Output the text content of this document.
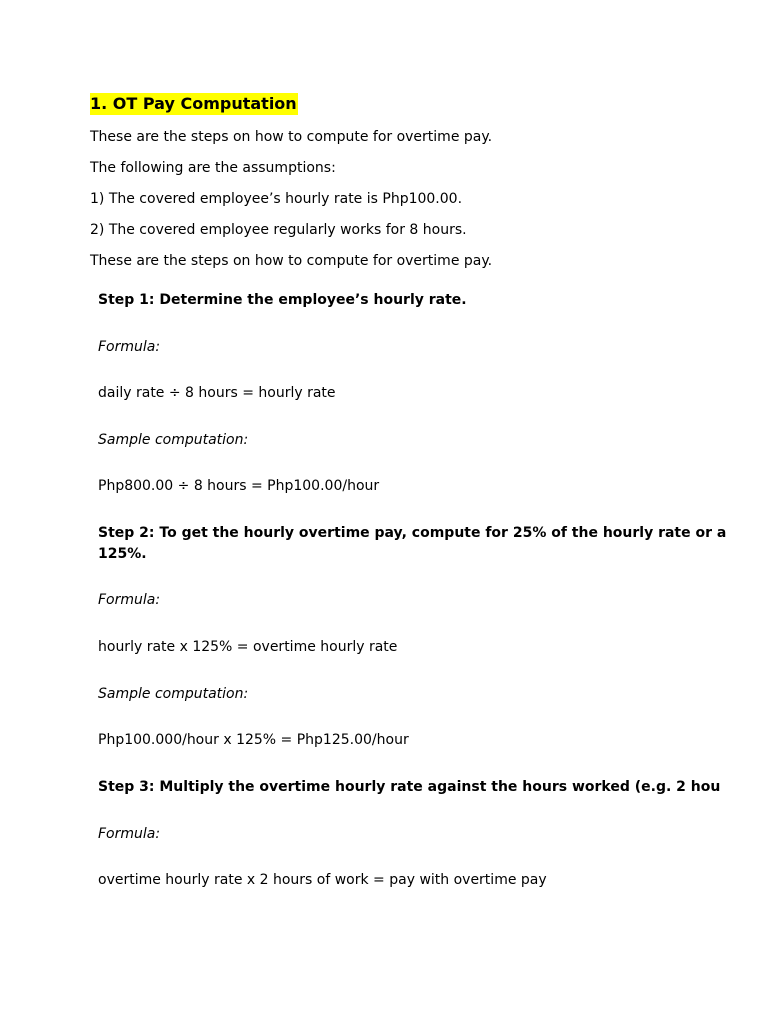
1. OT Pay Computation
These are the steps on how to compute for overtime pay.
The following are the assumptions:
1) The covered employee’s hourly rate is Php100.00.
2) The covered employee regularly works for 8 hours.
These are the steps on how to compute for overtime pay.
Step 1: Determine the employee’s hourly rate.
Formula:
daily rate ÷ 8 hours = hourly rate
Sample computation:
Php800.00 ÷ 8 hours = Php100.00/hour
Step 2: To get the hourly overtime pay, compute for 25% of the hourly rate or a
125%.
Formula:
hourly rate x 125% = overtime hourly rate
Sample computation:
Php100.000/hour x 125% = Php125.00/hour
Step 3: Multiply the overtime hourly rate against the hours worked (e.g. 2 hou
Formula:
overtime hourly rate x 2 hours of work = pay with overtime pay
